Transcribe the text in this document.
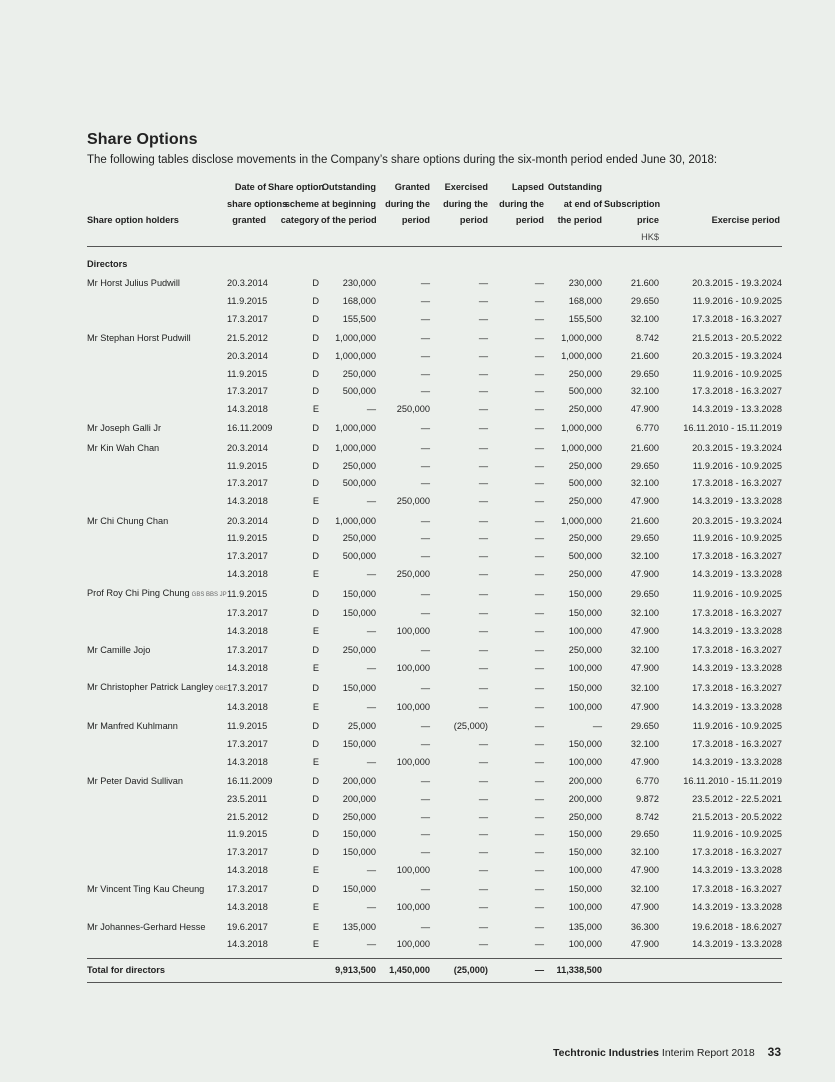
Share Options
The following tables disclose movements in the Company’s share options during the six-month period ended June 30, 2018:
	Date of	Share option	Outstanding	Granted	Exercised	Lapsed	Outstanding		
	share options	scheme	at beginning	during the	during the	during the	at end of	Subscription	
Share option holders	granted	category	of the period	period	period	period	the period	price	Exercise period
								HK$	
Directors									
Mr Horst Julius Pudwill	20.3.2014	D	230,000	—	—	—	230,000	21.600	20.3.2015 - 19.3.2024
	11.9.2015	D	168,000	—	—	—	168,000	29.650	11.9.2016 - 10.9.2025
	17.3.2017	D	155,500	—	—	—	155,500	32.100	17.3.2018 - 16.3.2027
Mr Stephan Horst Pudwill	21.5.2012	D	1,000,000	—	—	—	1,000,000	8.742	21.5.2013 - 20.5.2022
	20.3.2014	D	1,000,000	—	—	—	1,000,000	21.600	20.3.2015 - 19.3.2024
	11.9.2015	D	250,000	—	—	—	250,000	29.650	11.9.2016 - 10.9.2025
	17.3.2017	D	500,000	—	—	—	500,000	32.100	17.3.2018 - 16.3.2027
	14.3.2018	E	—	250,000	—	—	250,000	47.900	14.3.2019 - 13.3.2028
Mr Joseph Galli Jr	16.11.2009	D	1,000,000	—	—	—	1,000,000	6.770	16.11.2010 - 15.11.2019
Mr Kin Wah Chan	20.3.2014	D	1,000,000	—	—	—	1,000,000	21.600	20.3.2015 - 19.3.2024
	11.9.2015	D	250,000	—	—	—	250,000	29.650	11.9.2016 - 10.9.2025
	17.3.2017	D	500,000	—	—	—	500,000	32.100	17.3.2018 - 16.3.2027
	14.3.2018	E	—	250,000	—	—	250,000	47.900	14.3.2019 - 13.3.2028
Mr Chi Chung Chan	20.3.2014	D	1,000,000	—	—	—	1,000,000	21.600	20.3.2015 - 19.3.2024
	11.9.2015	D	250,000	—	—	—	250,000	29.650	11.9.2016 - 10.9.2025
	17.3.2017	D	500,000	—	—	—	500,000	32.100	17.3.2018 - 16.3.2027
	14.3.2018	E	—	250,000	—	—	250,000	47.900	14.3.2019 - 13.3.2028
Prof Roy Chi Ping Chung GBS BBS JP	11.9.2015	D	150,000	—	—	—	150,000	29.650	11.9.2016 - 10.9.2025
	17.3.2017	D	150,000	—	—	—	150,000	32.100	17.3.2018 - 16.3.2027
	14.3.2018	E	—	100,000	—	—	100,000	47.900	14.3.2019 - 13.3.2028
Mr Camille Jojo	17.3.2017	D	250,000	—	—	—	250,000	32.100	17.3.2018 - 16.3.2027
	14.3.2018	E	—	100,000	—	—	100,000	47.900	14.3.2019 - 13.3.2028
Mr Christopher Patrick Langley OBE	17.3.2017	D	150,000	—	—	—	150,000	32.100	17.3.2018 - 16.3.2027
	14.3.2018	E	—	100,000	—	—	100,000	47.900	14.3.2019 - 13.3.2028
Mr Manfred Kuhlmann	11.9.2015	D	25,000	—	(25,000)	—	—	29.650	11.9.2016 - 10.9.2025
	17.3.2017	D	150,000	—	—	—	150,000	32.100	17.3.2018 - 16.3.2027
	14.3.2018	E	—	100,000	—	—	100,000	47.900	14.3.2019 - 13.3.2028
Mr Peter David Sullivan	16.11.2009	D	200,000	—	—	—	200,000	6.770	16.11.2010 - 15.11.2019
	23.5.2011	D	200,000	—	—	—	200,000	9.872	23.5.2012 - 22.5.2021
	21.5.2012	D	250,000	—	—	—	250,000	8.742	21.5.2013 - 20.5.2022
	11.9.2015	D	150,000	—	—	—	150,000	29.650	11.9.2016 - 10.9.2025
	17.3.2017	D	150,000	—	—	—	150,000	32.100	17.3.2018 - 16.3.2027
	14.3.2018	E	—	100,000	—	—	100,000	47.900	14.3.2019 - 13.3.2028
Mr Vincent Ting Kau Cheung	17.3.2017	D	150,000	—	—	—	150,000	32.100	17.3.2018 - 16.3.2027
	14.3.2018	E	—	100,000	—	—	100,000	47.900	14.3.2019 - 13.3.2028
Mr Johannes-Gerhard Hesse	19.6.2017	E	135,000	—	—	—	135,000	36.300	19.6.2018 - 18.6.2027
	14.3.2018	E	—	100,000	—	—	100,000	47.900	14.3.2019 - 13.3.2028

Total for directors			9,913,500	1,450,000	(25,000)	—	11,338,500		
Techtronic Industries Interim Report 2018 33
